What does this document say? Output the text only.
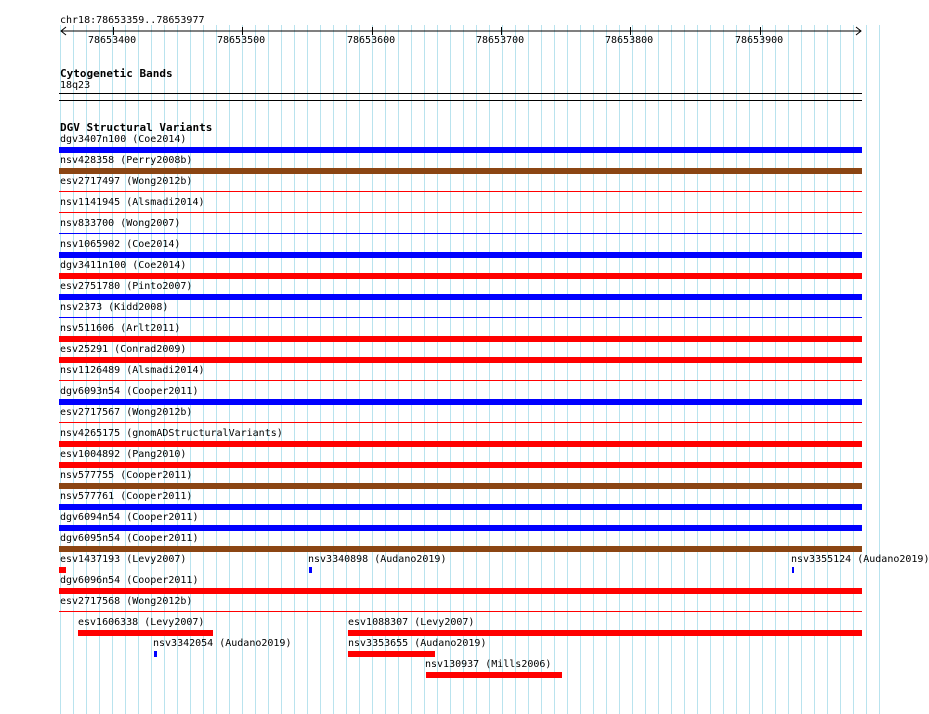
chr18:78653359..78653977
78653400	78653500	78653600	78653700	78653800	78653900
Cytogenetic Bands
18q23
DGV Structural Variants
dgv3407n100 (Coe2014)
nsv428358 (Perry2008b)
esv2717497 (Wong2012b)
nsv1141945 (Alsmadi2014)
nsv833700 (Wong2007)
nsv1065902 (Coe2014)
dgv3411n100 (Coe2014)
esv2751780 (Pinto2007)
nsv2373 (Kidd2008)
nsv511606 (Arlt2011)
esv25291 (Conrad2009)
nsv1126489 (Alsmadi2014)
dgv6093n54 (Cooper2011)
esv2717567 (Wong2012b)
nsv4265175 (gnomADStructuralVariants)
esv1004892 (Pang2010)
nsv577755 (Cooper2011)
nsv577761 (Cooper2011)
dgv6094n54 (Cooper2011)
dgv6095n54 (Cooper2011)
esv1437193 (Levy2007)	nsv3340898 (Audano2019)	nsv3355124 (Audano2019)
dgv6096n54 (Cooper2011)
esv2717568 (Wong2012b)
esv1606338 (Levy2007)	esv1088307 (Levy2007)
nsv3342054 (Audano2019)	nsv3353655 (Audano2019)
nsv130937 (Mills2006)
